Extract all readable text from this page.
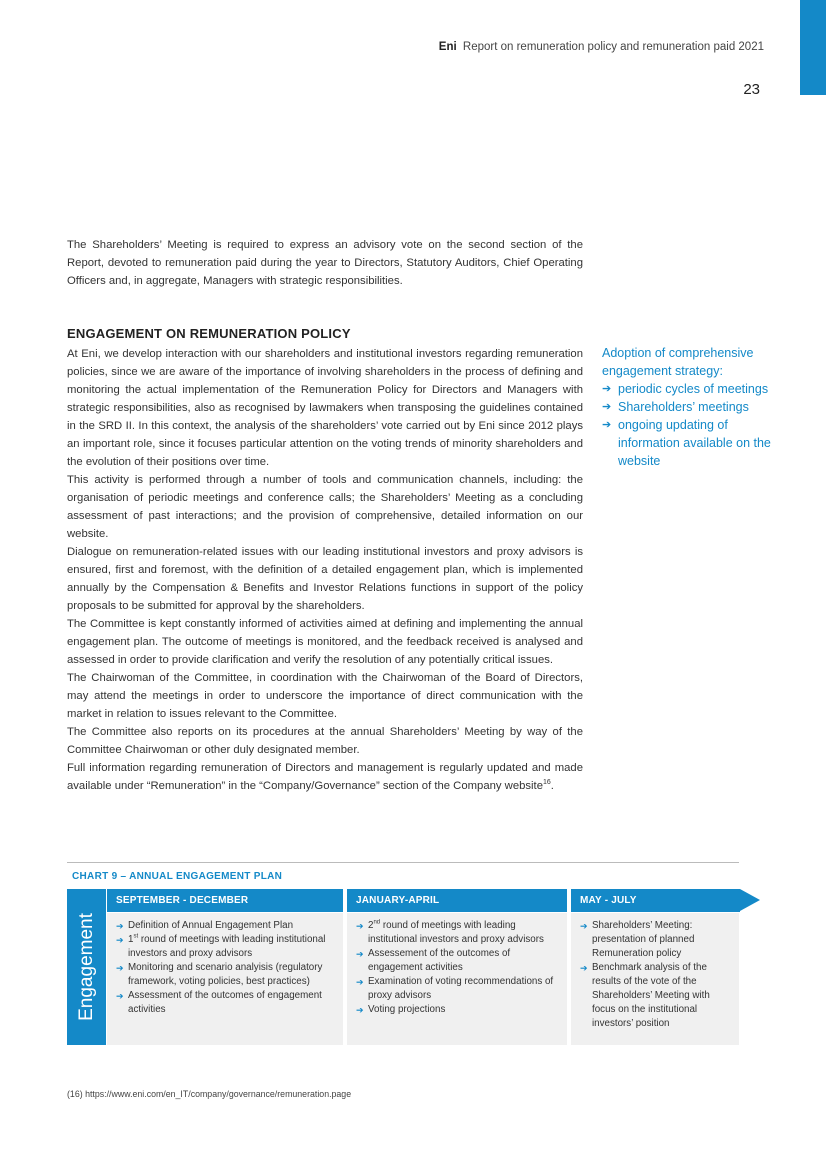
Eni Report on remuneration policy and remuneration paid 2021
23
The Shareholders’ Meeting is required to express an advisory vote on the second section of the Report, devoted to remuneration paid during the year to Directors, Statutory Auditors, Chief Operating Officers and, in aggregate, Managers with strategic responsibilities.
ENGAGEMENT ON REMUNERATION POLICY

At Eni, we develop interaction with our shareholders and institutional investors regarding remuneration policies, since we are aware of the importance of involving shareholders in the process of defining and monitoring the actual implementation of the Remuneration Policy for Directors and Managers with strategic responsibilities, also as recognised by lawmakers when transposing the guidelines contained in the SRD II. In this context, the analysis of the shareholders’ vote carried out by Eni since 2012 plays an important role, since it focuses particular attention on the voting trends of minority shareholders and the evolution of their positions over time.

This activity is performed through a number of tools and communication channels, including: the organisation of periodic meetings and conference calls; the Shareholders’ Meeting as a concluding assessment of past interactions; and the provision of comprehensive, detailed information on our website.

Dialogue on remuneration-related issues with our leading institutional investors and proxy advisors is ensured, first and foremost, with the definition of a detailed engagement plan, which is implemented annually by the Compensation & Benefits and Investor Relations functions in support of the policy proposals to be submitted for approval by the shareholders.

The Committee is kept constantly informed of activities aimed at defining and implementing the annual engagement plan. The outcome of meetings is monitored, and the feedback received is analysed and assessed in order to provide clarification and verify the resolution of any potentially critical issues.

The Chairwoman of the Committee, in coordination with the Chairwoman of the Board of Directors, may attend the meetings in order to underscore the importance of direct communication with the market in relation to issues relevant to the Committee.

The Committee also reports on its procedures at the annual Shareholders’ Meeting by way of the Committee Chairwoman or other duly designated member.

Full information regarding remuneration of Directors and management is regularly updated and made available under “Remuneration” in the “Company/Governance” section of the Company website$^{16}$.

Adoption of comprehensive engagement strategy:
➔ periodic cycles of meetings
➔ Shareholders’ meetings
➔ ongoing updating of information available on the website
CHART 9 – ANNUAL ENGAGEMENT PLAN
Engagement
SEPTEMBER - DECEMBER	JANUARY-APRIL	MAY - JULY
➔ Definition of Annual Engagement Plan
➔ 1st round of meetings with leading institutional investors and proxy advisors
➔ Monitoring and scenario analyisis (regulatory framework, voting policies, best practices)
➔ Assessment of the outcomes of engagement activities
➔ 2nd round of meetings with leading institutional investors and proxy advisors
➔ Assessement of the outcomes of engagement activities
➔ Examination of voting recommendations of proxy advisors
➔ Voting projections
➔ Shareholders’ Meeting: presentation of planned Remuneration policy
➔ Benchmark analysis of the results of the vote of the Shareholders’ Meeting with focus on the institutional investors’ position
(16) https://www.eni.com/en_IT/company/governance/remuneration.page
